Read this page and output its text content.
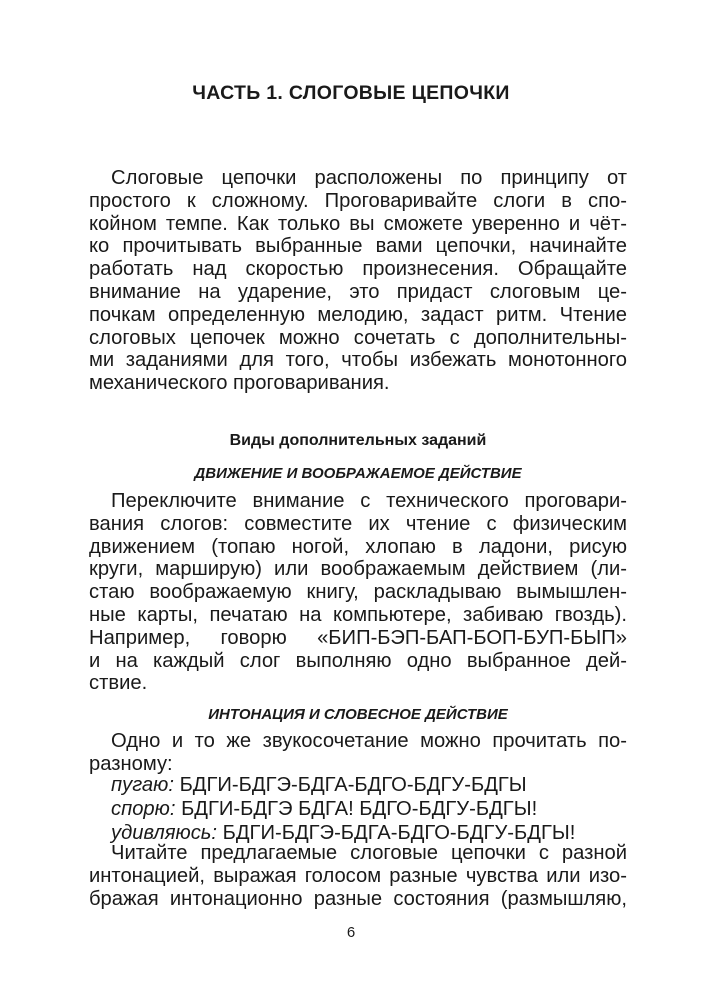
ЧАСТЬ 1. СЛОГОВЫЕ ЦЕПОЧКИ

Слоговые цепочки расположены по принципу от
простого к сложному. Проговаривайте слоги в спо-
койном темпе. Как только вы сможете уверенно и чёт-
ко прочитывать выбранные вами цепочки, начинайте
работать над скоростью произнесения. Обращайте
внимание на ударение, это придаст слоговым це-
почкам определенную мелодию, задаст ритм. Чтение
слоговых цепочек можно сочетать с дополнительны-
ми заданиями для того, чтобы избежать монотонного
механического проговаривания.

Виды дополнительных заданий

ДВИЖЕНИЕ И ВООБРАЖАЕМОЕ ДЕЙСТВИЕ

Переключите внимание с технического проговари-
вания слогов: совместите их чтение с физическим
движением (топаю ногой, хлопаю в ладони, рисую
круги, марширую) или воображаемым действием (ли-
стаю воображаемую книгу, раскладываю вымышлен-
ные карты, печатаю на компьютере, забиваю гвоздь).
Например, говорю «БИП-БЭП-БАП-БОП-БУП-БЫП»
и на каждый слог выполняю одно выбранное дей-
ствие.

ИНТОНАЦИЯ И СЛОВЕСНОЕ ДЕЙСТВИЕ

Одно и то же звукосочетание можно прочитать по-
разному:

пугаю: БДГИ-БДГЭ-БДГА-БДГО-БДГУ-БДГЫ

спорю: БДГИ-БДГЭ БДГА! БДГО-БДГУ-БДГЫ!

удивляюсь: БДГИ-БДГЭ-БДГА-БДГО-БДГУ-БДГЫ!

Читайте предлагаемые слоговые цепочки с разной
интонацией, выражая голосом разные чувства или изо-
бражая интонационно разные состояния (размышляю,

6
